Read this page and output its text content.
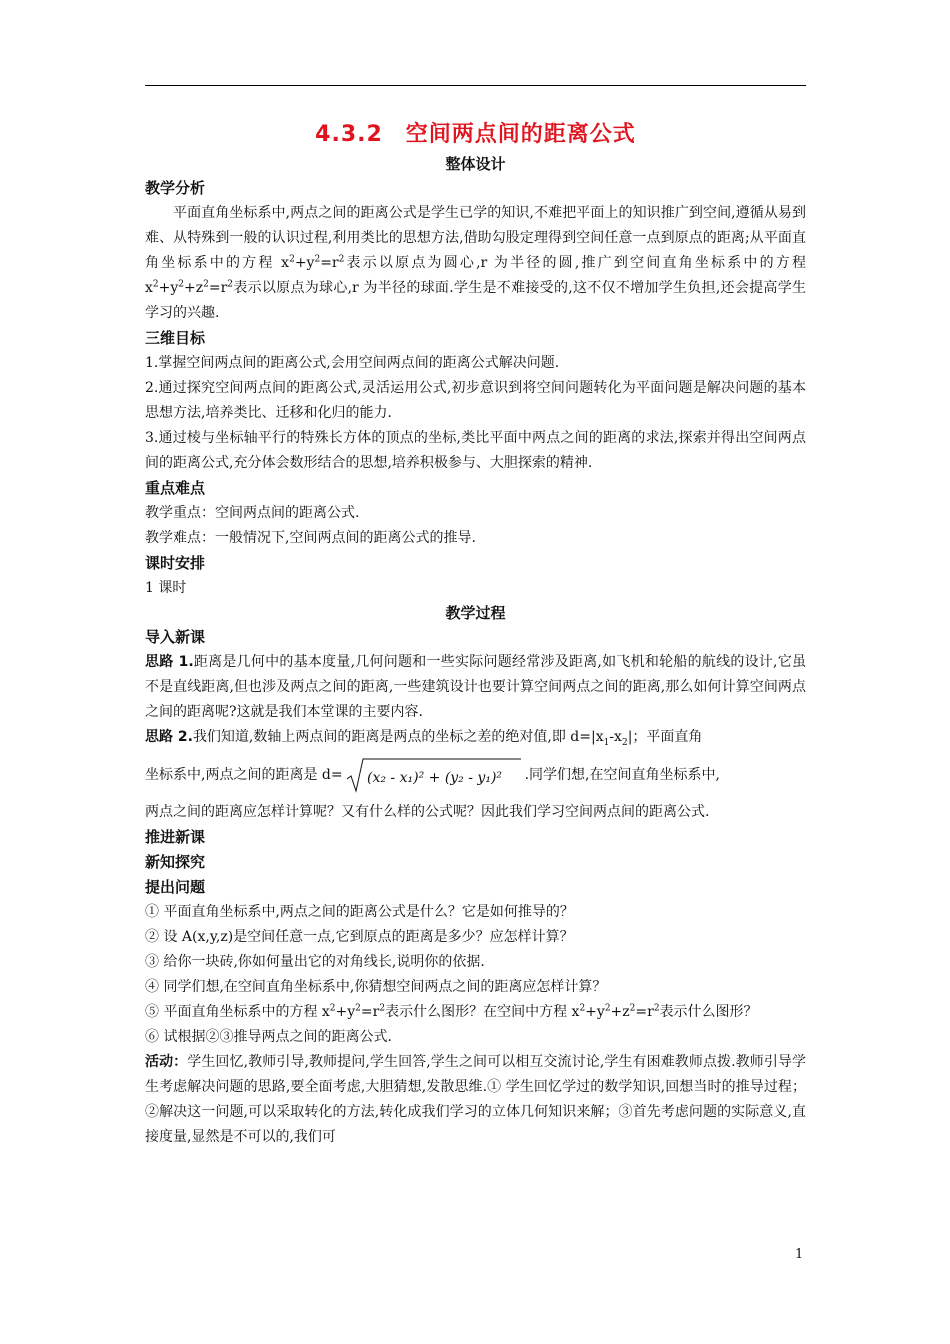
4.3.2　空间两点间的距离公式
整体设计
教学分析
平面直角坐标系中,两点之间的距离公式是学生已学的知识,不难把平面上的知识推广到空间,遵循从易到难、从特殊到一般的认识过程,利用类比的思想方法,借助勾股定理得到空间任意一点到原点的距离;从平面直角坐标系中的方程 $x^2+y^2=r^2$表示以原点为圆心,r 为半径的圆,推广到空间直角坐标系中的方程 $x^2+y^2+z^2=r^2$表示以原点为球心,r 为半径的球面.学生是不难接受的,这不仅不增加学生负担,还会提高学生学习的兴趣.
三维目标
1.掌握空间两点间的距离公式,会用空间两点间的距离公式解决问题.
2.通过探究空间两点间的距离公式,灵活运用公式,初步意识到将空间问题转化为平面问题是解决问题的基本思想方法,培养类比、迁移和化归的能力.
3.通过棱与坐标轴平行的特殊长方体的顶点的坐标,类比平面中两点之间的距离的求法,探索并得出空间两点间的距离公式,充分体会数形结合的思想,培养积极参与、大胆探索的精神.
重点难点
教学重点：空间两点间的距离公式.
教学难点：一般情况下,空间两点间的距离公式的推导.
课时安排
1 课时
教学过程
导入新课
思路 1.距离是几何中的基本度量,几何问题和一些实际问题经常涉及距离,如飞机和轮船的航线的设计,它虽不是直线距离,但也涉及两点之间的距离,一些建筑设计也要计算空间两点之间的距离,那么如何计算空间两点之间的距离呢?这就是我们本堂课的主要内容.
思路 2.我们知道,数轴上两点间的距离是两点的坐标之差的绝对值,即 $d=|x_1-x_2|$；平面直角
坐标系中,两点之间的距离是 d= (x₂ - x₁)² + (y₂ - y₁)² .同学们想,在空间直角坐标系中,
两点之间的距离应怎样计算呢？又有什么样的公式呢？因此我们学习空间两点间的距离公式.
推进新课
新知探究
提出问题
① 平面直角坐标系中,两点之间的距离公式是什么？它是如何推导的？
② 设 A(x,y,z)是空间任意一点,它到原点的距离是多少？应怎样计算？
③ 给你一块砖,你如何量出它的对角线长,说明你的依据.
④ 同学们想,在空间直角坐标系中,你猜想空间两点之间的距离应怎样计算？
⑤ 平面直角坐标系中的方程 $x^2+y^2=r^2$表示什么图形？在空间中方程 $x^2+y^2+z^2=r^2$表示什么图形？
⑥ 试根据②③推导两点之间的距离公式.
活动：学生回忆,教师引导,教师提问,学生回答,学生之间可以相互交流讨论,学生有困难教师点拨.教师引导学生考虑解决问题的思路,要全面考虑,大胆猜想,发散思维.① 学生回忆学过的数学知识,回想当时的推导过程；②解决这一问题,可以采取转化的方法,转化成我们学习的立体几何知识来解；③首先考虑问题的实际意义,直接度量,显然是不可以的,我们可
1
